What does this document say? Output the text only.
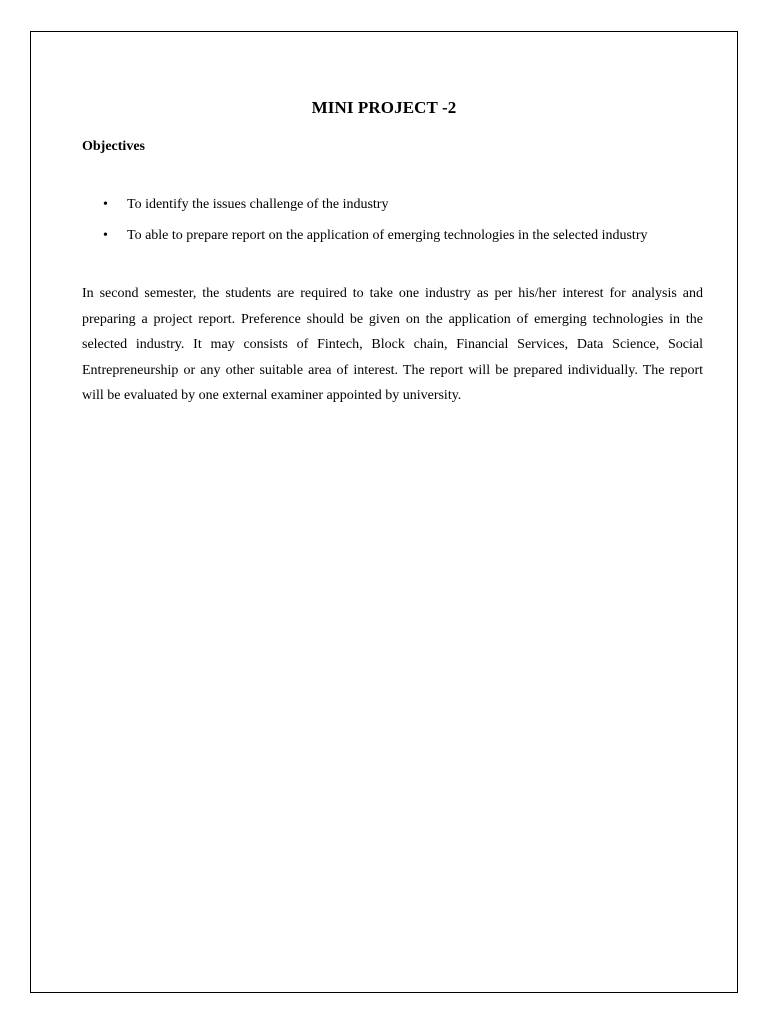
MINI PROJECT -2
Objectives
• To identify the issues challenge of the industry
• To able to prepare report on the application of emerging technologies in the selected industry

In second semester, the students are required to take one industry as per his/her interest for analysis and preparing a project report. Preference should be given on the application of emerging technologies in the selected industry. It may consists of Fintech, Block chain, Financial Services, Data Science, Social Entrepreneurship or any other suitable area of interest. The report will be prepared individually. The report will be evaluated by one external examiner appointed by university.
